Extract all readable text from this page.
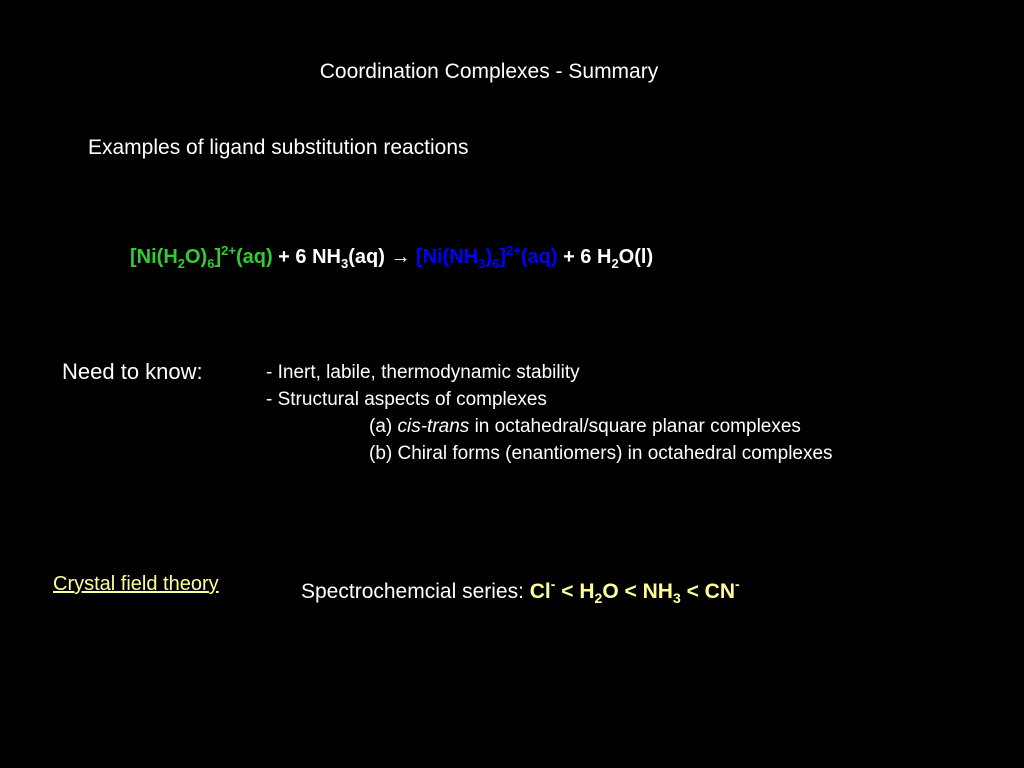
Coordination Complexes - Summary
Examples of ligand substitution reactions
$[Ni(H_2O)_6]^{2+}(aq) + 6$ $NH_3(aq) \to [Ni(NH_3)_6]^{2+}(aq) + 6$ $H_2O(l)$
Need to know:	- Inert, labile, thermodynamic stability
- Structural aspects of complexes
(a) cis-trans in octahedral/square planar complexes
(b) Chiral forms (enantiomers) in octahedral complexes
Crystal field theory	Spectrochemcial series: $Cl^- < H_2O < NH_3 < CN^-$
